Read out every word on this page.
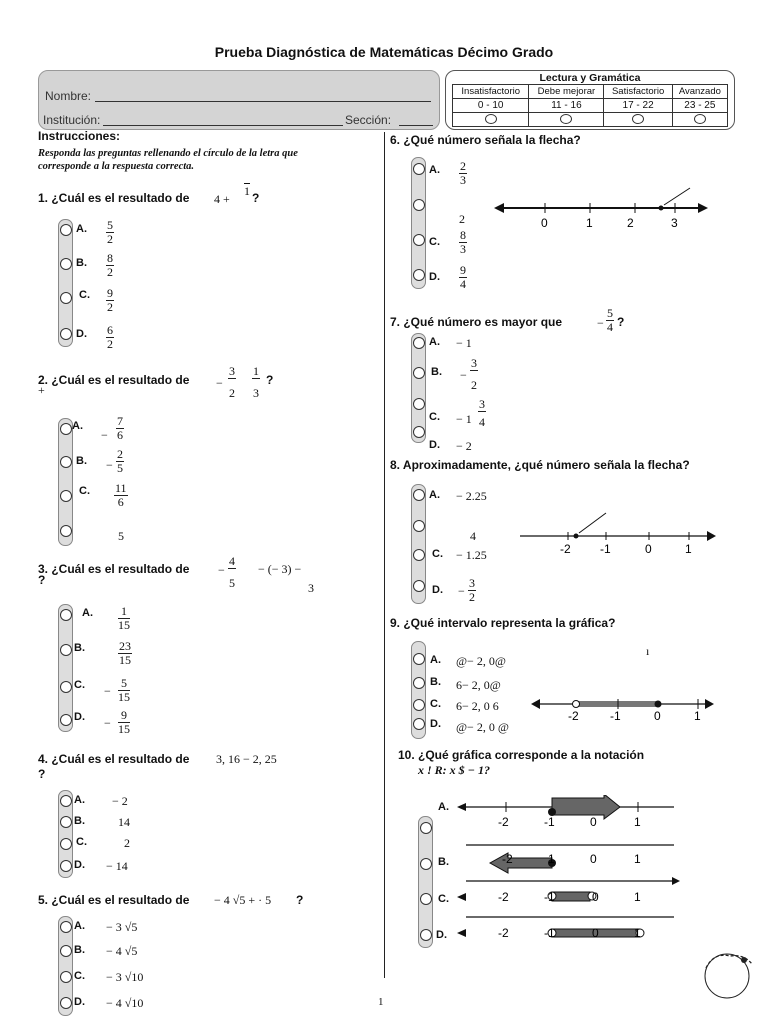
Prueba Diagnóstica de Matemáticas Décimo Grado
Nombre:
Institución:	Sección:
Lectura y Gramática
Insatisfactorio	Debe mejorar	Satisfactorio	Avanzado
0 - 10	11 - 16	17 - 22	23 - 25

Instrucciones:
Responda las preguntas rellenando el círculo de la letra que
corresponde a la respuesta correcta.
1. ¿Cuál es el resultado de 4 +
1 ?
A. $\frac{5}{2}$
B. $\frac{8}{2}$
C. $\frac{9}{2}$
D. $\frac{6}{2}$
2. ¿Cuál es el resultado de
+	− $\frac{3}{2} \frac{1}{3}$ ?
A.
− $\frac{7}{6}$
B. − $\frac{2}{5}$
C. $\frac{11}{6}$
5
3. ¿Cuál es el resultado de − $\frac{4}{5}$ − (− 3) −
3
?
A. $\frac{1}{15}$
B.	$\frac{23}{15}$
C. − $\frac{5}{15}$
D. − $\frac{9}{15}$
4. ¿Cuál es el resultado de 3, 16 − 2, 25
?
A. − 2
B.	14
C.	2
D. − 14
5. ¿Cuál es el resultado de − 4 √5 + · 5 ?
A. − 3 √5
B. − 4 √5
C. − 3 √10
D. − 4 √10
6. ¿Qué número señala la flecha?
A. $\frac{2}{3}$
2
C. $\frac{8}{3}$
D. $\frac{9}{4}$
0	1	2	3
7. ¿Qué número es mayor que	− $\frac{5}{4}$ ?
A. − 1
B. − $\frac{3}{2}$
C. − $1 \frac{3}{4}$
D. − 2
8. Aproximadamente, ¿qué número señala la flecha?
A. − 2.25
4
C. − 1.25
D. − $\frac{3}{2}$
-2 -1	0	1
9. ¿Qué intervalo representa la gráfica?
ı
A. @− 2, 0@
B. 6− 2, 0@
C. 6− 2, 0 6
D. @− 2, 0 @
-2	-1	0	1
10. ¿Qué gráfica corresponde a la notación
x ! R: x $ − 1?
A.
B.
C.
D.
-2	-1	0	1
-2	1	0	1
-2	-1	0	1
-2	-1	0	1
1
